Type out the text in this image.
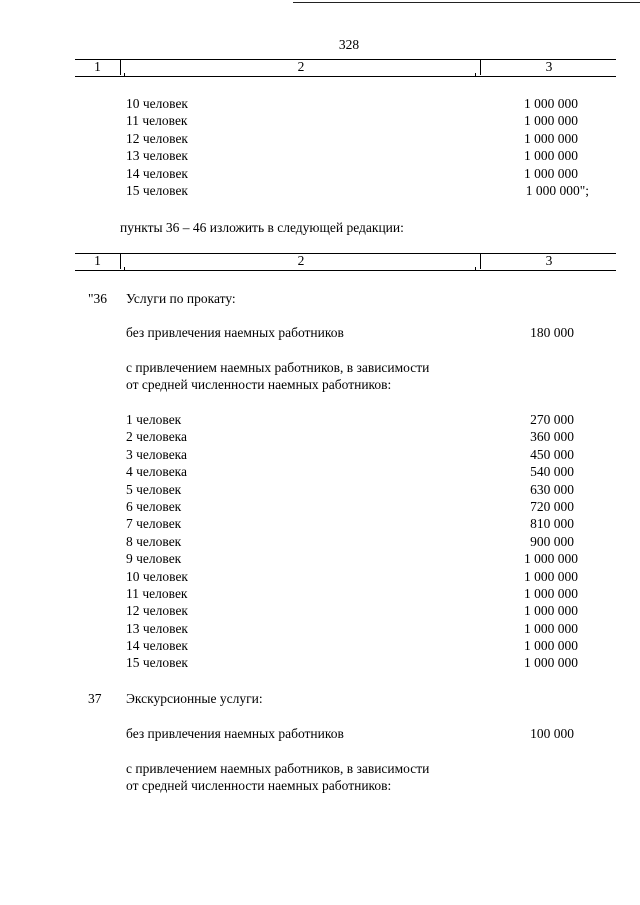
328
1	2	3
10 человек	1 000 000
11 человек	1 000 000
12 человек	1 000 000
13 человек	1 000 000
14 человек	1 000 000
15 человек	1 000 000";
пункты 36 – 46 изложить в следующей редакции:
1	2	3
"36 Услуги по прокату:
без привлечения наемных работников	180 000
с привлечением наемных работников, в зависимости
от средней численности наемных работников:
1 человек	270 000
2 человека	360 000
3 человека	450 000
4 человека	540 000
5 человек	630 000
6 человек	720 000
7 человек	810 000
8 человек	900 000
9 человек	1 000 000
10 человек	1 000 000
11 человек	1 000 000
12 человек	1 000 000
13 человек	1 000 000
14 человек	1 000 000
15 человек	1 000 000
37 Экскурсионные услуги:
без привлечения наемных работников	100 000
с привлечением наемных работников, в зависимости
от средней численности наемных работников:
